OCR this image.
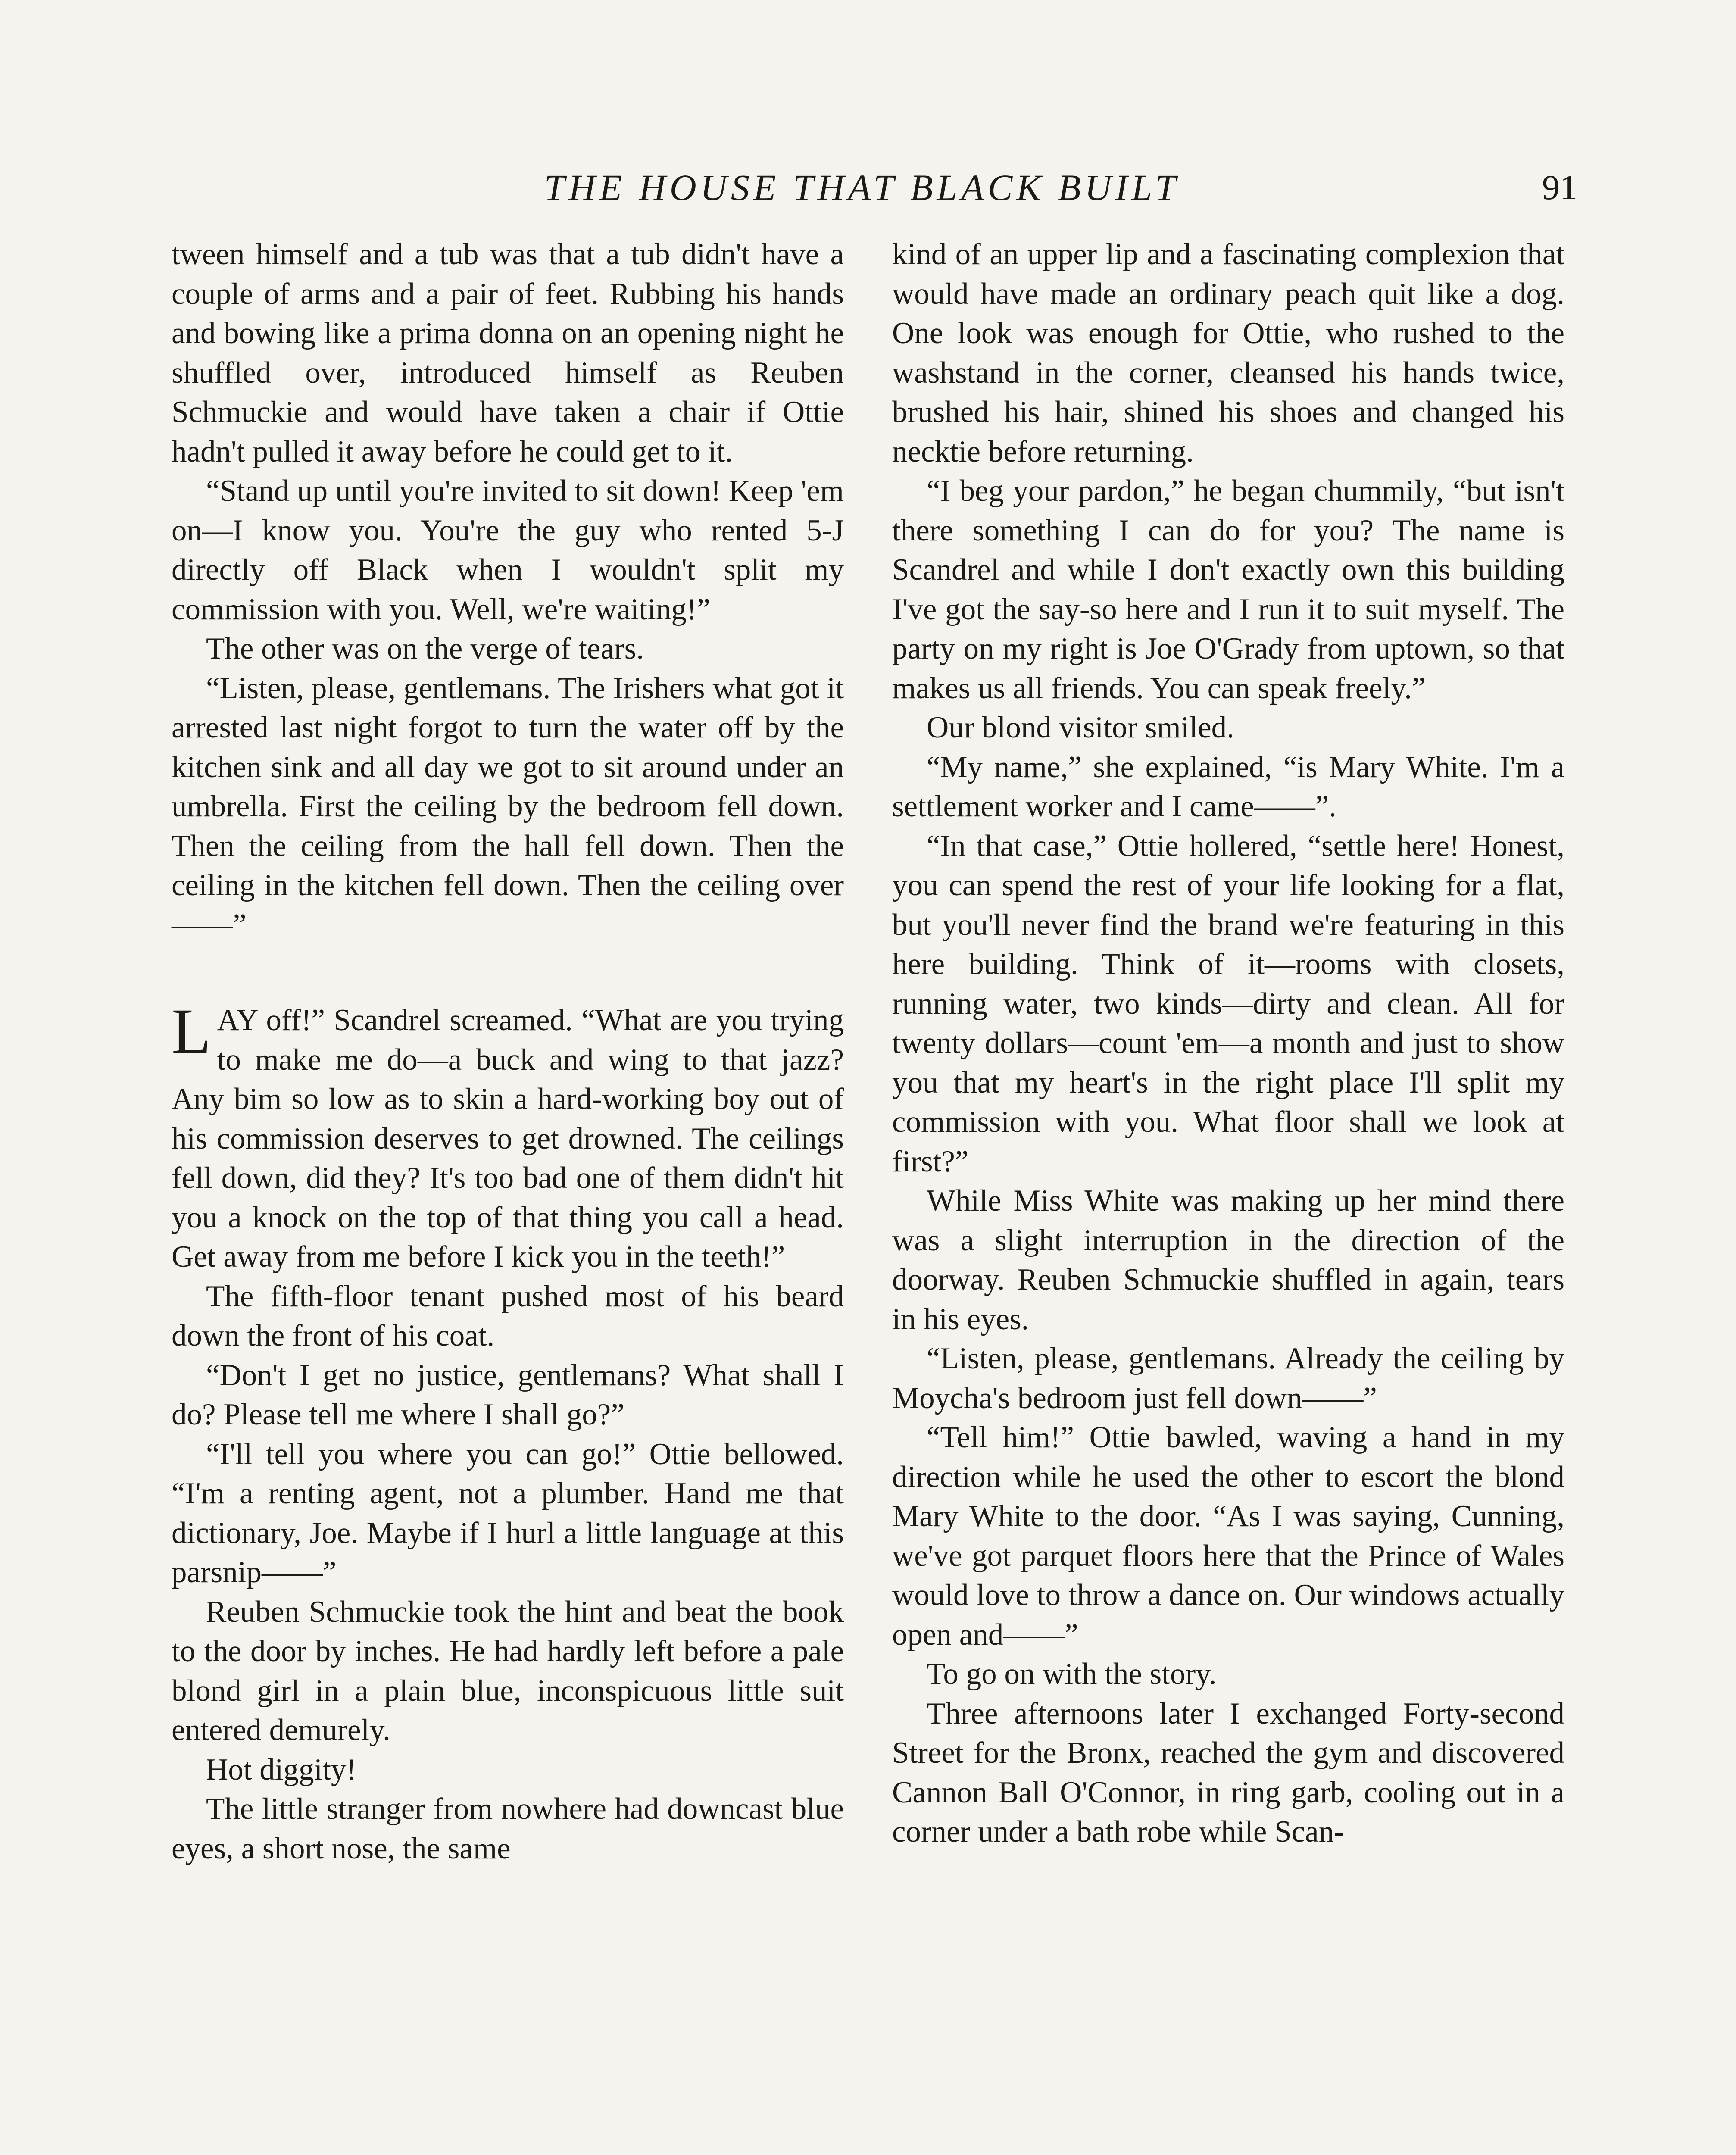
THE HOUSE THAT BLACK BUILT	91

tween himself and a tub was that a tub didn't have a couple of arms and a pair of feet. Rubbing his hands and bowing like a prima donna on an opening night he shuffled over, introduced himself as Reuben Schmuckie and would have taken a chair if Ottie hadn't pulled it away before he could get to it.

“Stand up until you're invited to sit down! Keep 'em on—I know you. You're the guy who rented 5-J directly off Black when I wouldn't split my commission with you. Well, we're waiting!”

The other was on the verge of tears.

“Listen, please, gentlemans. The Irishers what got it arrested last night forgot to turn the water off by the kitchen sink and all day we got to sit around under an umbrella. First the ceiling by the bedroom fell down. Then the ceiling from the hall fell down. Then the ceiling in the kitchen fell down. Then the ceiling over——”

LAY off!” Scandrel screamed. “What are you trying to make me do—a buck and wing to that jazz? Any bim so low as to skin a hard-working boy out of his commission deserves to get drowned. The ceilings fell down, did they? It's too bad one of them didn't hit you a knock on the top of that thing you call a head. Get away from me before I kick you in the teeth!”

The fifth-floor tenant pushed most of his beard down the front of his coat.

“Don't I get no justice, gentlemans? What shall I do? Please tell me where I shall go?”

“I'll tell you where you can go!” Ottie bellowed. “I'm a renting agent, not a plumber. Hand me that dictionary, Joe. Maybe if I hurl a little language at this parsnip——”

Reuben Schmuckie took the hint and beat the book to the door by inches. He had hardly left before a pale blond girl in a plain blue, inconspicuous little suit entered demurely.

Hot diggity!

The little stranger from nowhere had downcast blue eyes, a short nose, the same

kind of an upper lip and a fascinating complexion that would have made an ordinary peach quit like a dog. One look was enough for Ottie, who rushed to the washstand in the corner, cleansed his hands twice, brushed his hair, shined his shoes and changed his necktie before returning.

“I beg your pardon,” he began chummily, “but isn't there something I can do for you? The name is Scandrel and while I don't exactly own this building I've got the say-so here and I run it to suit myself. The party on my right is Joe O'Grady from uptown, so that makes us all friends. You can speak freely.”

Our blond visitor smiled.

“My name,” she explained, “is Mary White. I'm a settlement worker and I came——”.

“In that case,” Ottie hollered, “settle here! Honest, you can spend the rest of your life looking for a flat, but you'll never find the brand we're featuring in this here building. Think of it—rooms with closets, running water, two kinds—dirty and clean. All for twenty dollars—count 'em—a month and just to show you that my heart's in the right place I'll split my commission with you. What floor shall we look at first?”

While Miss White was making up her mind there was a slight interruption in the direction of the doorway. Reuben Schmuckie shuffled in again, tears in his eyes.

“Listen, please, gentlemans. Already the ceiling by Moycha's bedroom just fell down——”

“Tell him!” Ottie bawled, waving a hand in my direction while he used the other to escort the blond Mary White to the door. “As I was saying, Cunning, we've got parquet floors here that the Prince of Wales would love to throw a dance on. Our windows actually open and——”

To go on with the story.

Three afternoons later I exchanged Forty-second Street for the Bronx, reached the gym and discovered Cannon Ball O'Connor, in ring garb, cooling out in a corner under a bath robe while Scan-
